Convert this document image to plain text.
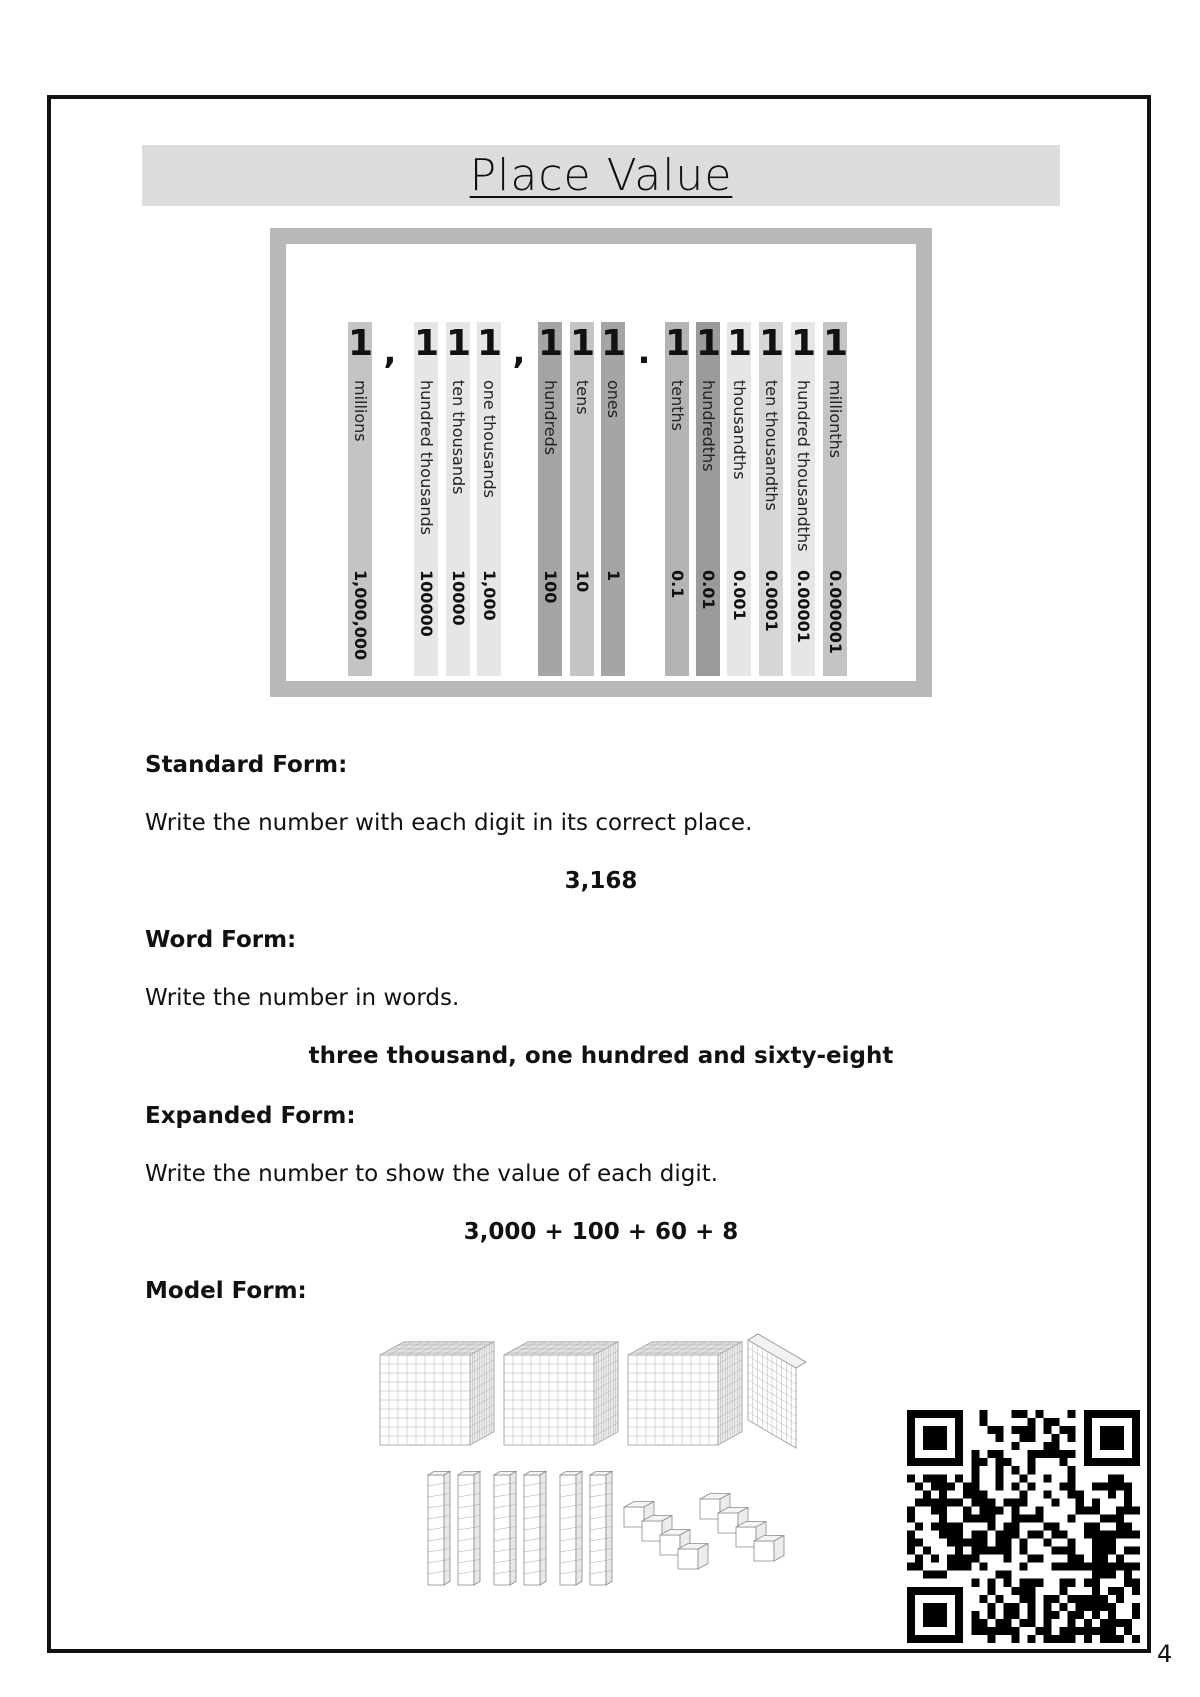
Place Value
1
millions
1,000,000
1
hundred thousands
100000
1
ten thousands
10000
1
one thousands
1,000
1
hundreds
100
1
tens
10
1
ones
1
1
tenths
0.1
1
hundredths
0.01
1
thousandths
0.001
1
ten thousandths
0.0001
1
hundred thousandths
0.00001
1
millionths
0.000001
,	,	.
Standard Form:
Write the number with each digit in its correct place.
3,168
Word Form:
Write the number in words.
three thousand, one hundred and sixty-eight
Expanded Form:
Write the number to show the value of each digit.
3,000 + 100 + 60 + 8
Model Form:
4
